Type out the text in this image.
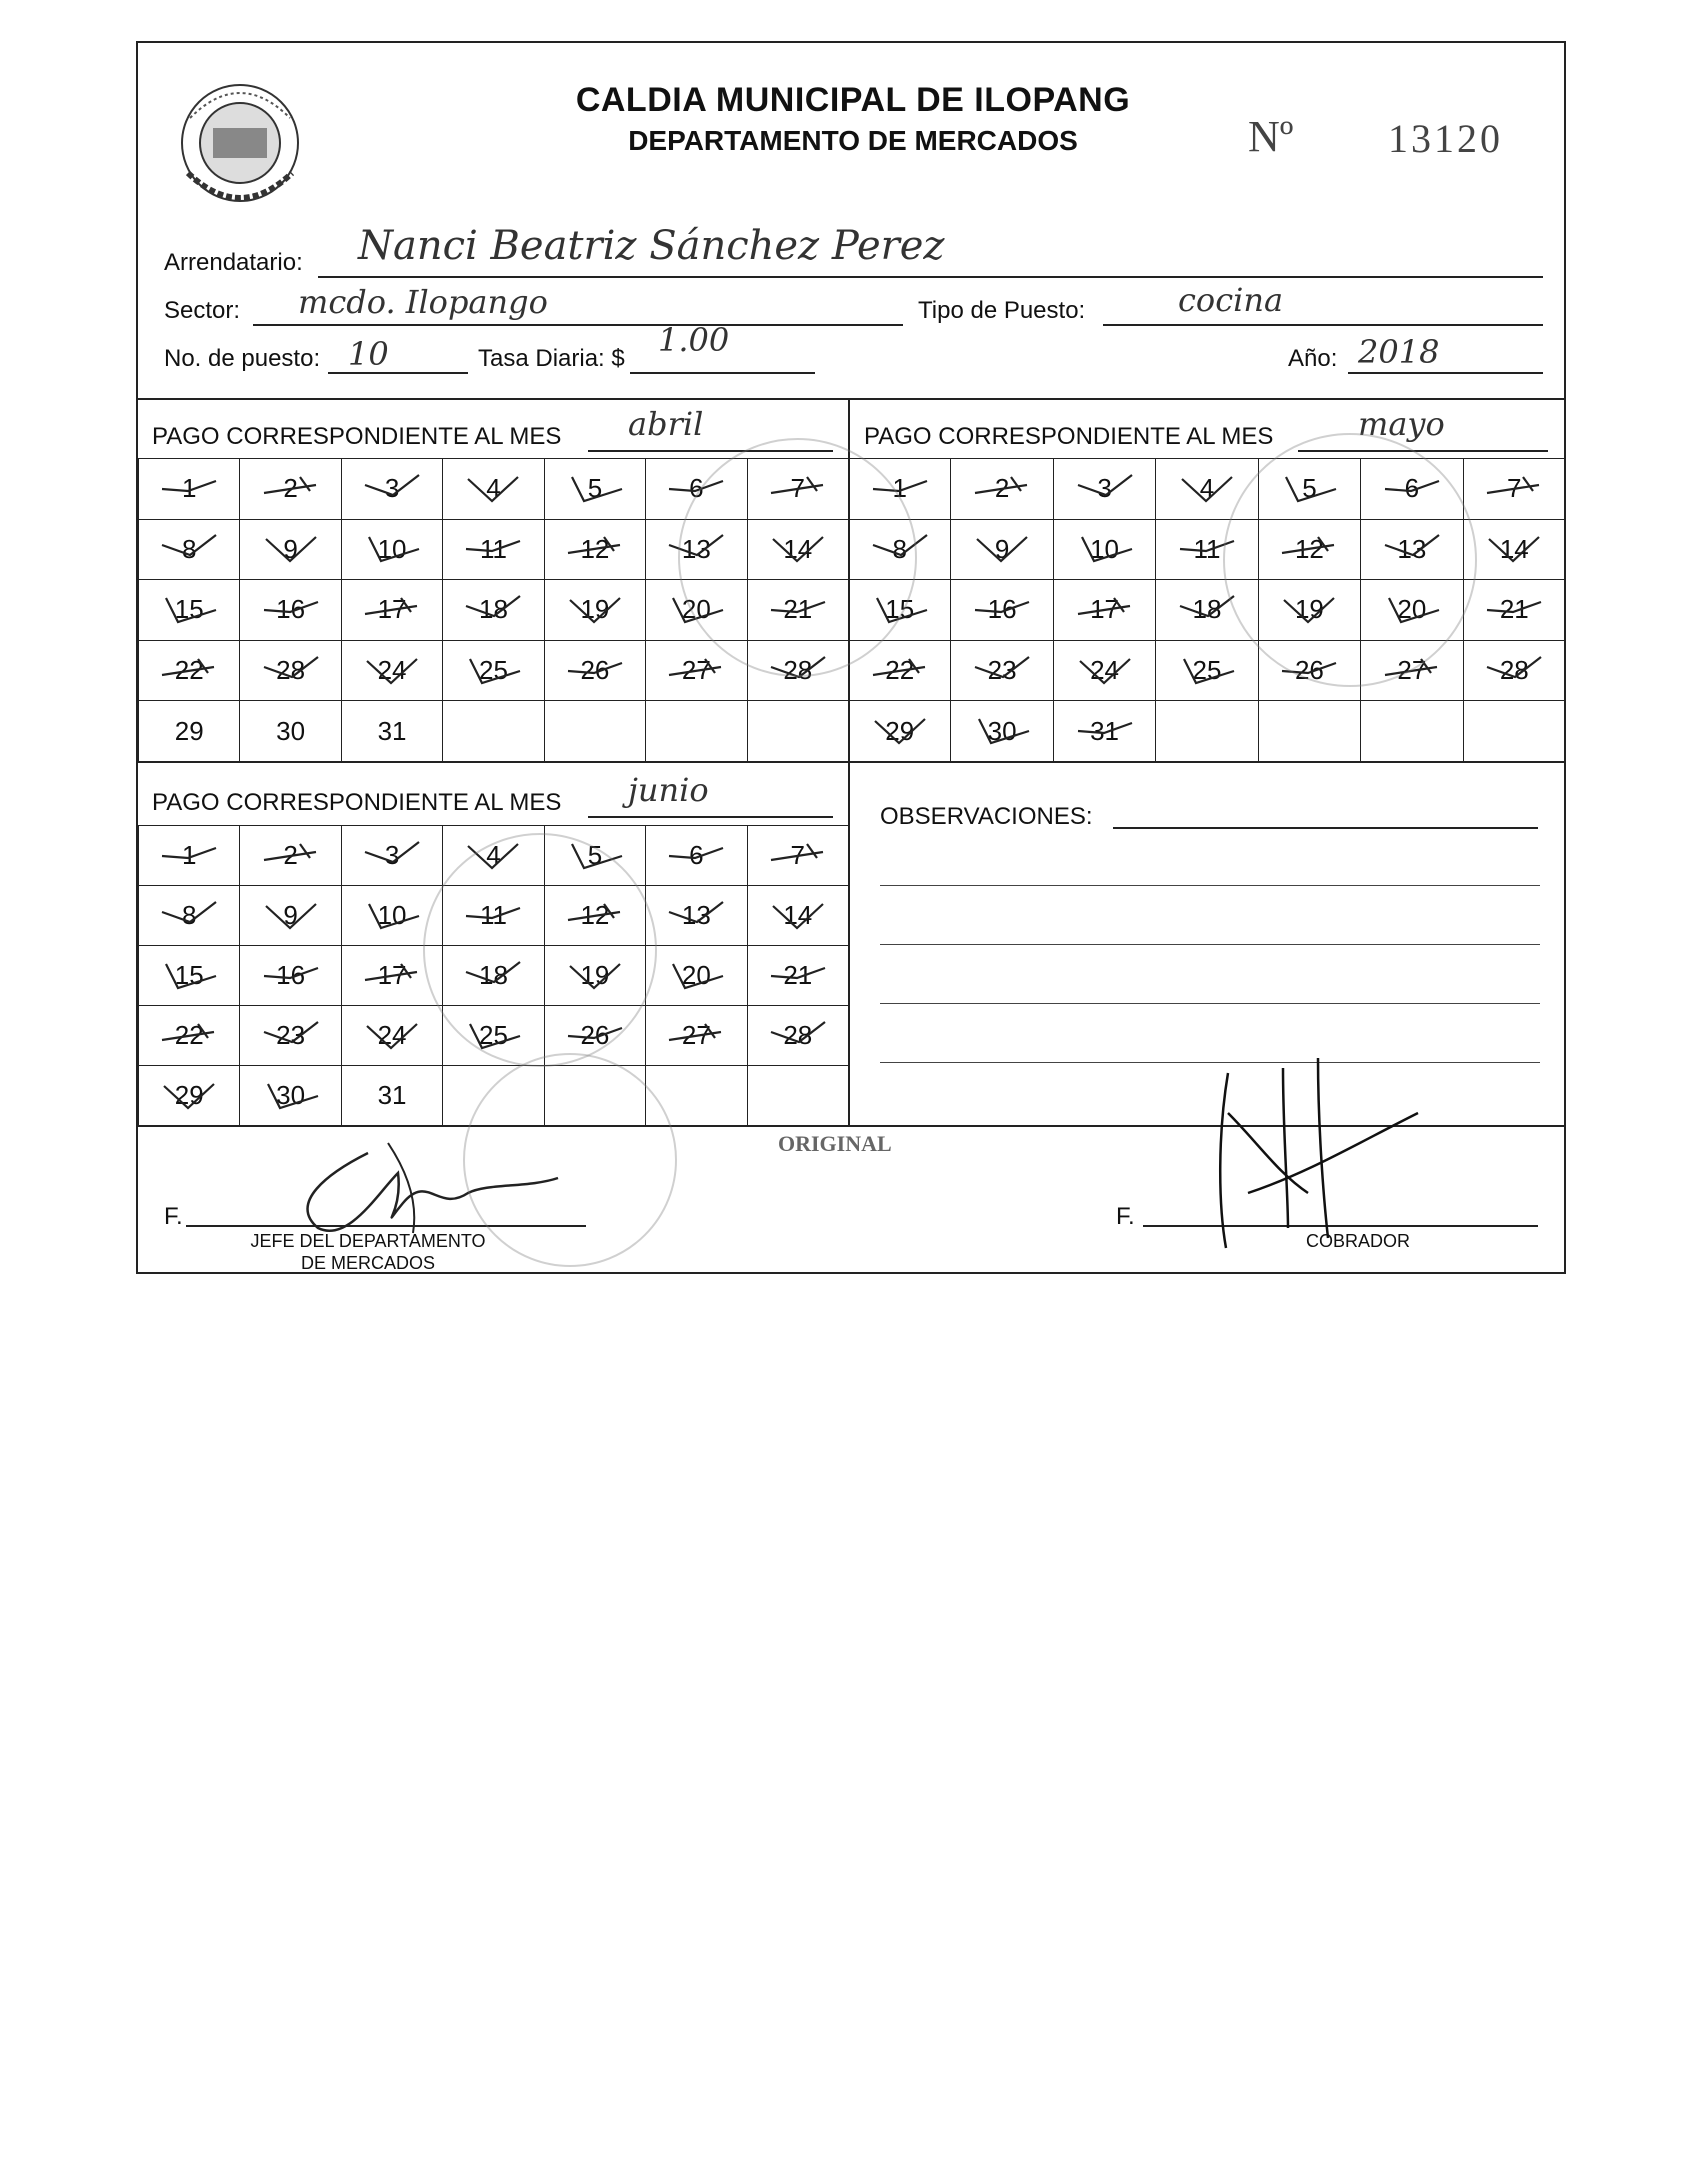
CALDIA MUNICIPAL DE ILOPANG
DEPARTAMENTO DE MERCADOS	Nº 13120
Arrendatario: Nanci Beatriz Sánchez Perez
Sector: mcdo. Ilopango	Tipo de Puesto:	cocina
No. de puesto: 10	Tasa Diaria: $ 1.00	Año: 2018
PAGO CORRESPONDIENTE AL MES abril
1	2	3	4	5	6	7
8	9	10	11	12	13	14
15	16	17	18	19	20	21
22	28	24	25	26	27	28
29	30	31
PAGO CORRESPONDIENTE AL MES	mayo
1	2	3	4	5	6	7
8	9	10	11	12	13	14
15	16	17	18	19	20	21
22	23	24	25	26	27	28
29	30	31
PAGO CORRESPONDIENTE AL MES junio
1	2	3	4	5	6	7
8	9	10	11	12	13	14
15	16	17	18	19	20	21
22	23	24	25	26	27	28
29	30	31
OBSERVACIONES:
ORIGINAL
F.
JEFE DEL DEPARTAMENTO
DE MERCADOS
F.
COBRADOR
